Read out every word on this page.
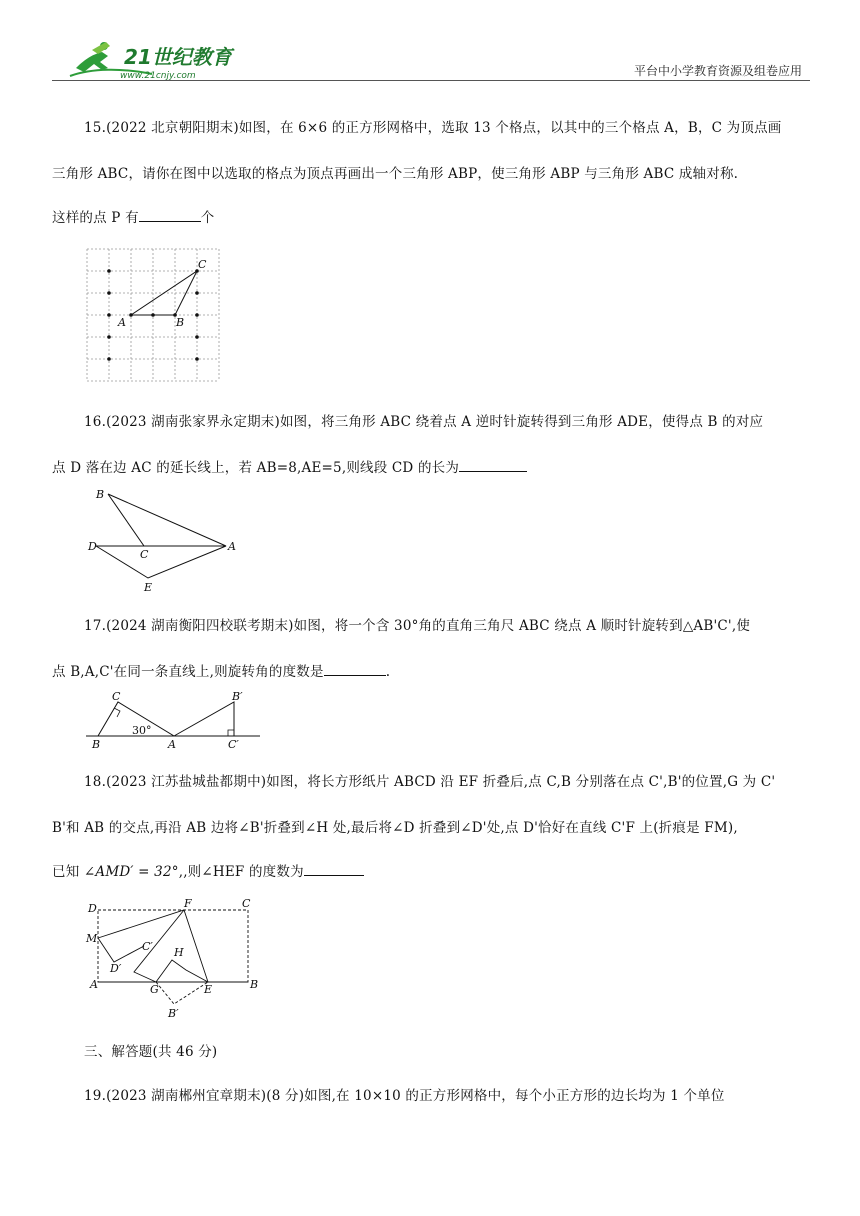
21世纪教育
www.21cnjy.com	平台中小学教育资源及组卷应用
15.(2022 北京朝阳期末)如图，在 6×6 的正方形网格中，选取 13 个格点，以其中的三个格点 A，B，C 为顶点画
三角形 ABC，请你在图中以选取的格点为顶点再画出一个三角形 ABP，使三角形 ABP 与三角形 ABC 成轴对称.
这样的点 P 有	个
A	B
C
16.(2023 湖南张家界永定期末)如图，将三角形 ABC 绕着点 A 逆时针旋转得到三角形 ADE，使得点 B 的对应
点 D 落在边 AC 的延长线上，若 AB=8,AE=5,则线段 CD 的长为
B
D
C
A
E
17.(2024 湖南衡阳四校联考期末)如图，将一个含 30°角的直角三角尺 ABC 绕点 A 顺时针旋转到△AB'C',使
点 B,A,C'在同一条直线上,则旋转角的度数是	.
C
B	A
B′
C′
30°
18.(2023 江苏盐城盐都期中)如图，将长方形纸片 ABCD 沿 EF 折叠后,点 C,B 分别落在点 C',B'的位置,G 为 C'
B'和 AB 的交点,再沿 AB 边将∠B'折叠到∠H 处,最后将∠D 折叠到∠D'处,点 D'恰好在直线 C'F 上(折痕是 FM),
已知 ∠AMD′ = 32°,,则∠HEF 的度数为
D	F	C
M
C′
D′
H
A	G	E	B
B′
三、解答题(共 46 分)
19.(2023 湖南郴州宜章期末)(8 分)如图,在 10×10 的正方形网格中，每个小正方形的边长均为 1 个单位
